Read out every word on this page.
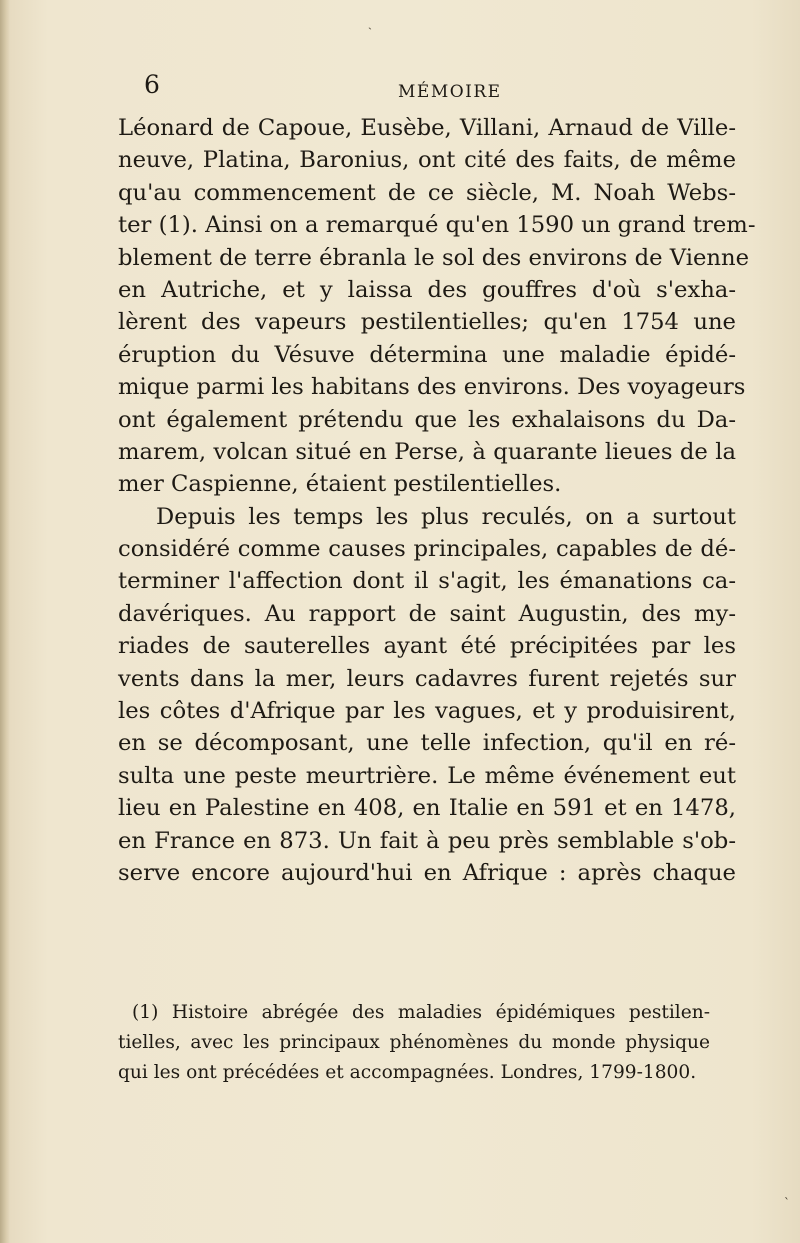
ˎ
6	MÉMOIRE
Léonard de Capoue, Eusèbe, Villani, Arnaud de Ville-
neuve, Platina, Baronius, ont cité des faits, de même
qu'au commencement de ce siècle, M. Noah Webs-
ter (1). Ainsi on a remarqué qu'en 1590 un grand trem-
blement de terre ébranla le sol des environs de Vienne
en Autriche, et y laissa des gouffres d'où s'exha-
lèrent des vapeurs pestilentielles; qu'en 1754 une
éruption du Vésuve détermina une maladie épidé-
mique parmi les habitans des environs. Des voyageurs
ont également prétendu que les exhalaisons du Da-
marem, volcan situé en Perse, à quarante lieues de la
mer Caspienne, étaient pestilentielles.
Depuis les temps les plus reculés, on a surtout
considéré comme causes principales, capables de dé-
terminer l'affection dont il s'agit, les émanations ca-
davériques. Au rapport de saint Augustin, des my-
riades de sauterelles ayant été précipitées par les
vents dans la mer, leurs cadavres furent rejetés sur
les côtes d'Afrique par les vagues, et y produisirent,
en se décomposant, une telle infection, qu'il en ré-
sulta une peste meurtrière. Le même événement eut
lieu en Palestine en 408, en Italie en 591 et en 1478,
en France en 873. Un fait à peu près semblable s'ob-
serve encore aujourd'hui en Afrique : après chaque
(1) Histoire abrégée des maladies épidémiques pestilen-
tielles, avec les principaux phénomènes du monde physique
qui les ont précédées et accompagnées. Londres, 1799-1800.
ˋ
